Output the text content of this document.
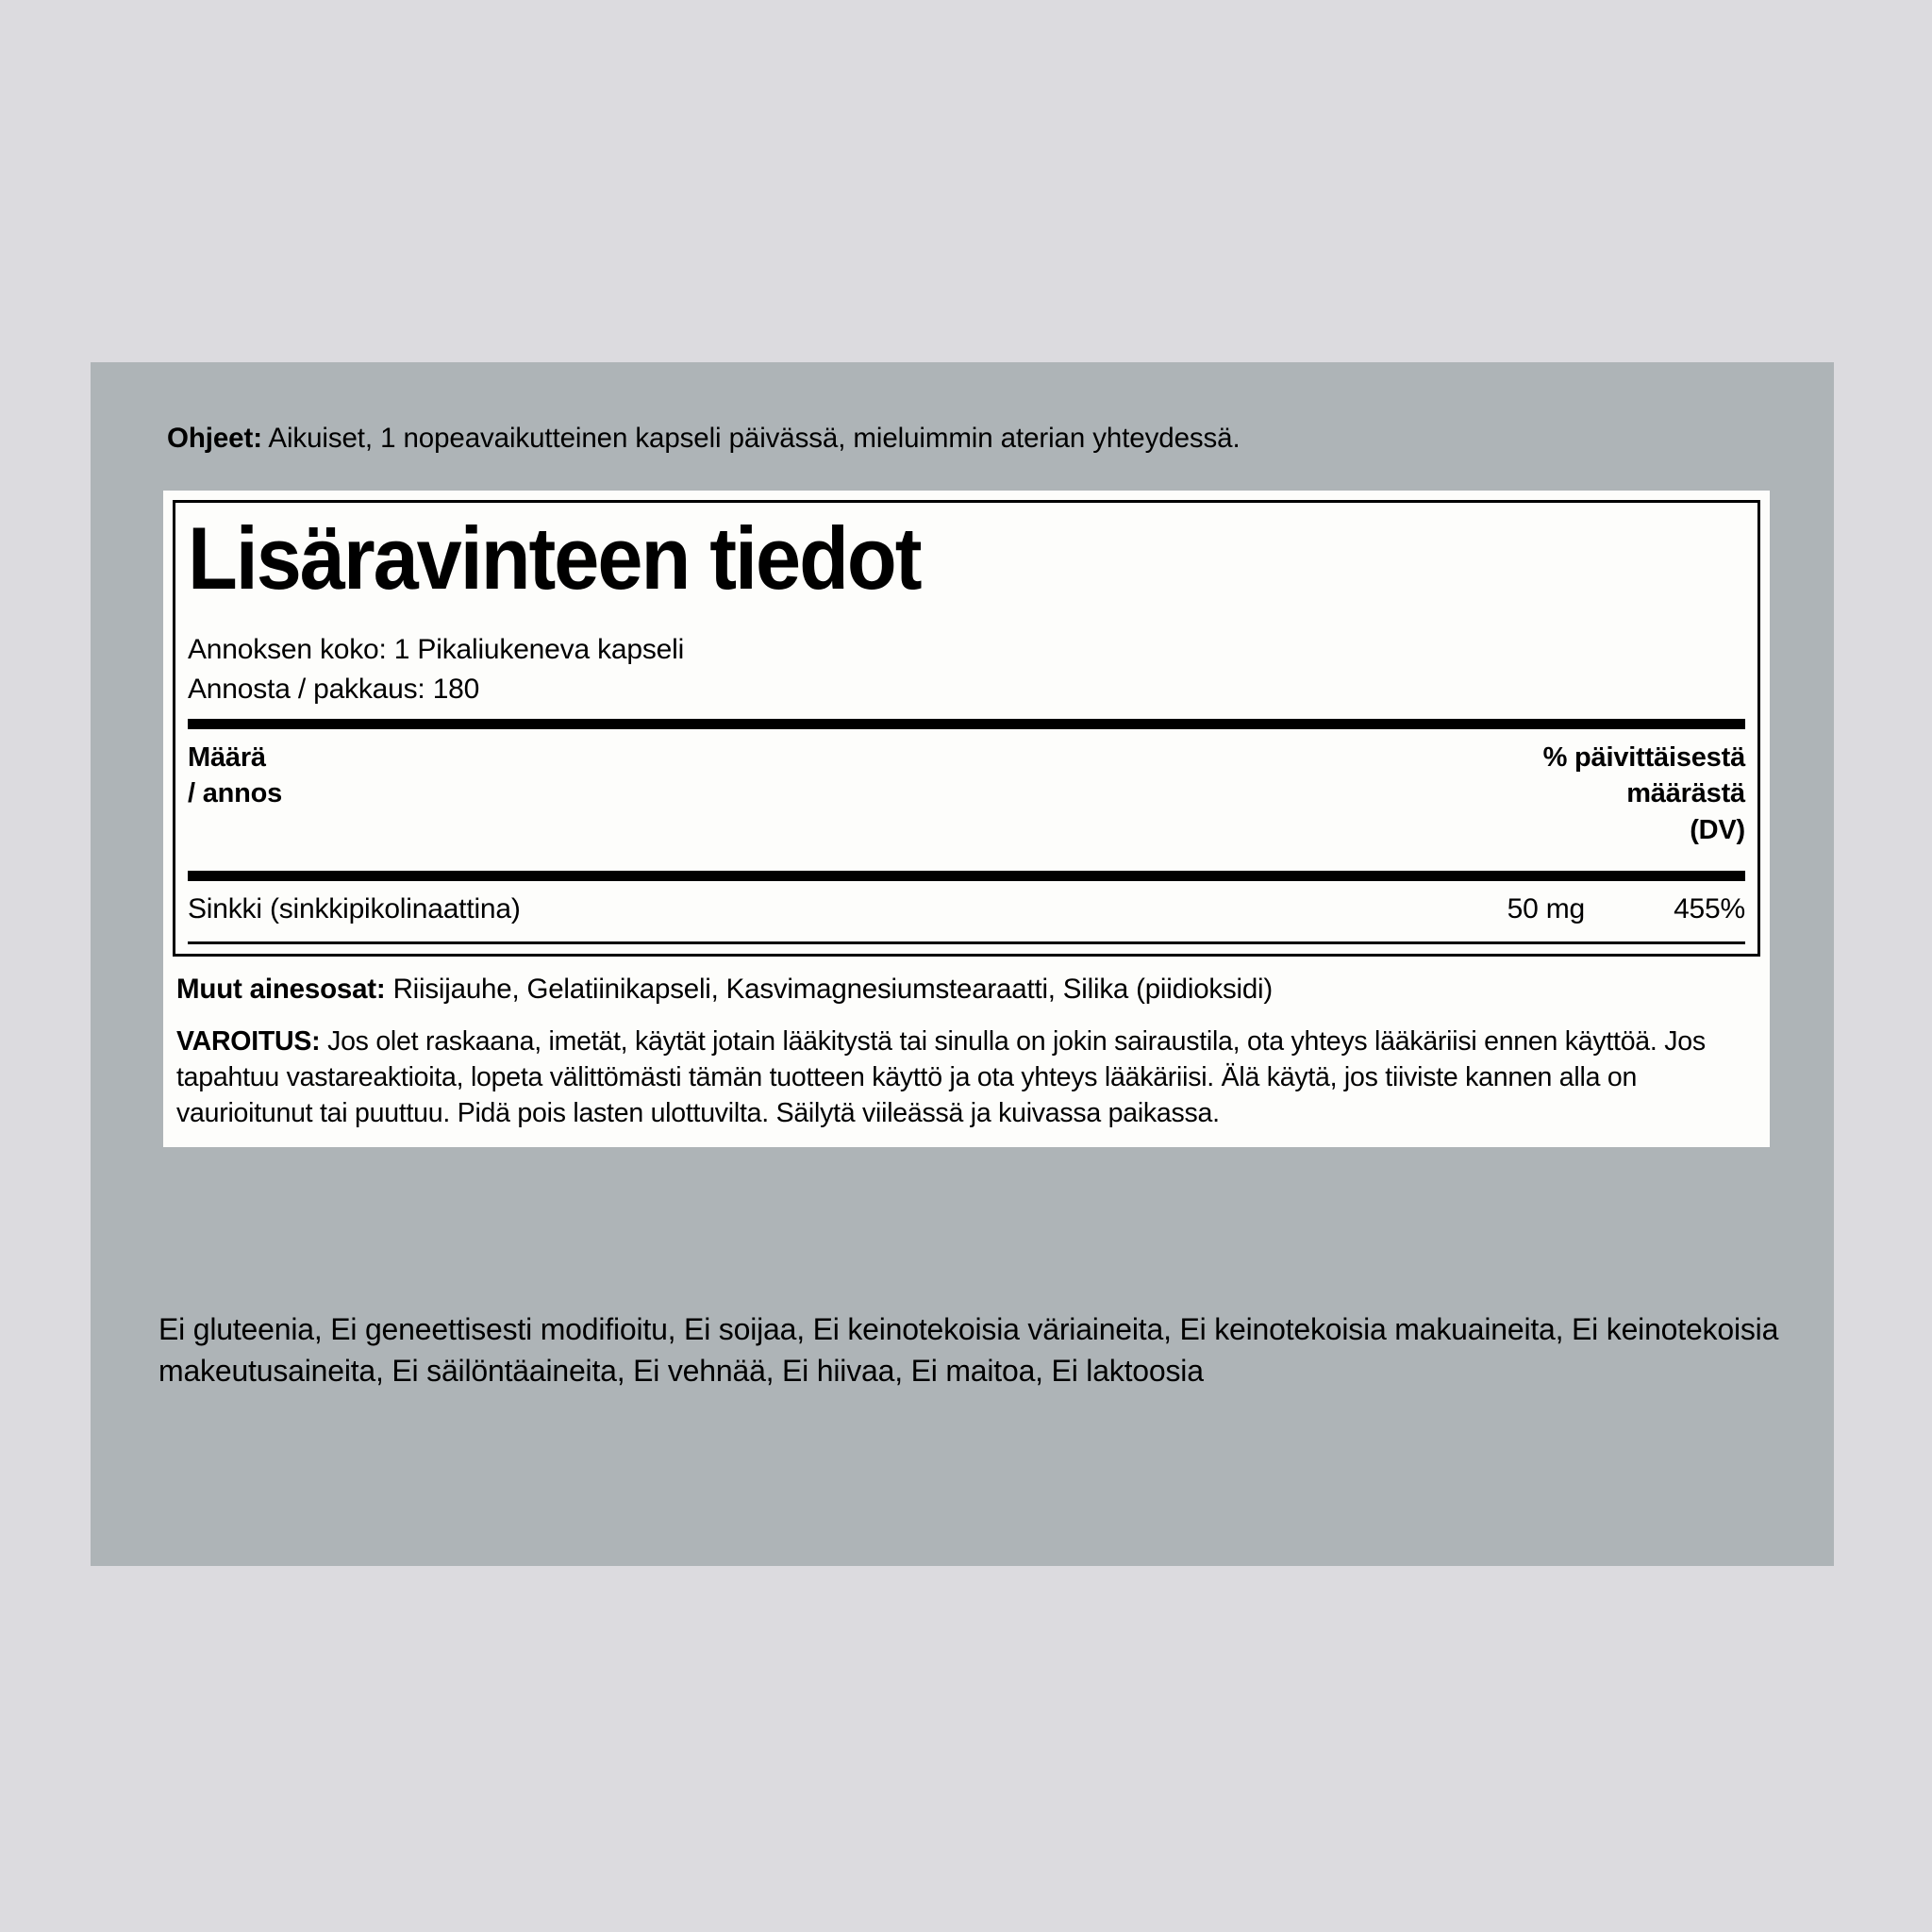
Ohjeet: Aikuiset, 1 nopeavaikutteinen kapseli päivässä, mieluimmin aterian yhteydessä.
Lisäravinteen tiedot
Annoksen koko: 1 Pikaliukeneva kapseli
Annosta / pakkaus: 180
Määrä
/ annos
% päivittäisestä
määrästä
(DV)
Sinkki (sinkkipikolinaattina)	50 mg	455%
Muut ainesosat: Riisijauhe, Gelatiinikapseli, Kasvimagnesiumstearaatti, Silika (piidioksidi)
VAROITUS: Jos olet raskaana, imetät, käytät jotain lääkitystä tai sinulla on jokin sairaustila, ota yhteys lääkäriisi ennen käyttöä. Jos tapahtuu vastareaktioita, lopeta välittömästi tämän tuotteen käyttö ja ota yhteys lääkäriisi. Älä käytä, jos tiiviste kannen alla on vaurioitunut tai puuttuu. Pidä pois lasten ulottuvilta. Säilytä viileässä ja kuivassa paikassa.
Ei gluteenia, Ei geneettisesti modifioitu, Ei soijaa, Ei keinotekoisia väriaineita, Ei keinotekoisia makuaineita, Ei keinotekoisia makeutusaineita, Ei säilöntäaineita, Ei vehnää, Ei hiivaa, Ei maitoa, Ei laktoosia
